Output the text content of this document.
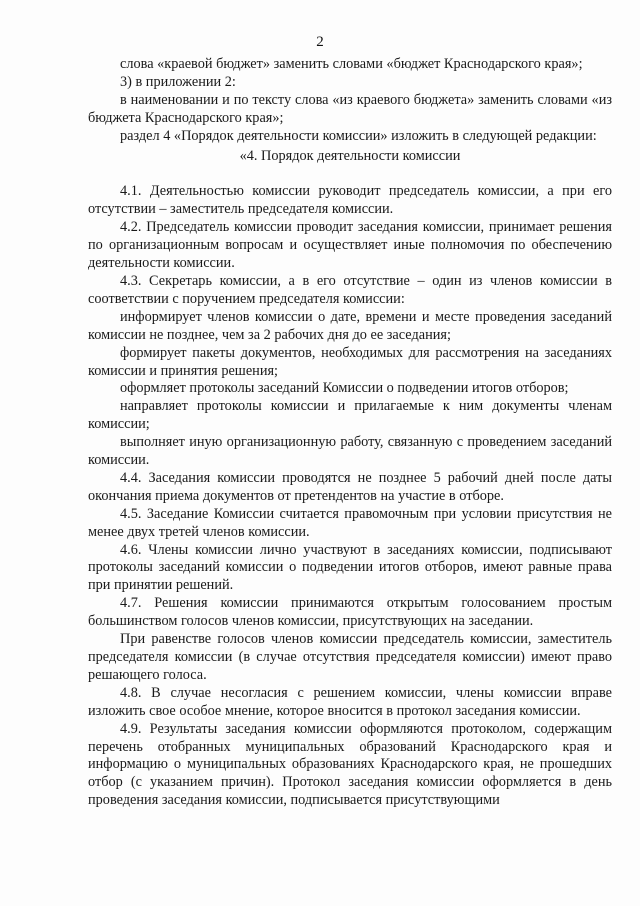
2

слова «краевой бюджет» заменить словами «бюджет Краснодарского края»;

3) в приложении 2:

в наименовании и по тексту слова «из краевого бюджета» заменить словами «из бюджета Краснодарского края»;

раздел 4 «Порядок деятельности комиссии» изложить в следующей редакции:

«4. Порядок деятельности комиссии

4.1. Деятельностью комиссии руководит председатель комиссии, а при его отсутствии – заместитель председателя комиссии.

4.2. Председатель комиссии проводит заседания комиссии, принимает решения по организационным вопросам и осуществляет иные полномочия по обеспечению деятельности комиссии.

4.3. Секретарь комиссии, а в его отсутствие – один из членов комиссии в соответствии с поручением председателя комиссии:

информирует членов комиссии о дате, времени и месте проведения заседаний комиссии не позднее, чем за 2 рабочих дня до ее заседания;

формирует пакеты документов, необходимых для рассмотрения на заседаниях комиссии и принятия решения;

оформляет протоколы заседаний Комиссии о подведении итогов отборов;

направляет протоколы комиссии и прилагаемые к ним документы членам комиссии;

выполняет иную организационную работу, связанную с проведением заседаний комиссии.

4.4. Заседания комиссии проводятся не позднее 5 рабочий дней после даты окончания приема документов от претендентов на участие в отборе.

4.5. Заседание Комиссии считается правомочным при условии присутствия не менее двух третей членов комиссии.

4.6. Члены комиссии лично участвуют в заседаниях комиссии, подписывают протоколы заседаний комиссии о подведении итогов отборов, имеют равные права при принятии решений.

4.7. Решения комиссии принимаются открытым голосованием простым большинством голосов членов комиссии, присутствующих на заседании.

При равенстве голосов членов комиссии председатель комиссии, заместитель председателя комиссии (в случае отсутствия председателя комиссии) имеют право решающего голоса.

4.8. В случае несогласия с решением комиссии, члены комиссии вправе изложить свое особое мнение, которое вносится в протокол заседания комиссии.

4.9. Результаты заседания комиссии оформляются протоколом, содержащим перечень отобранных муниципальных образований Краснодарского края и информацию о муниципальных образованиях Краснодарского края, не прошедших отбор (с указанием причин). Протокол заседания комиссии оформляется в день проведения заседания комиссии, подписывается присутствующими
